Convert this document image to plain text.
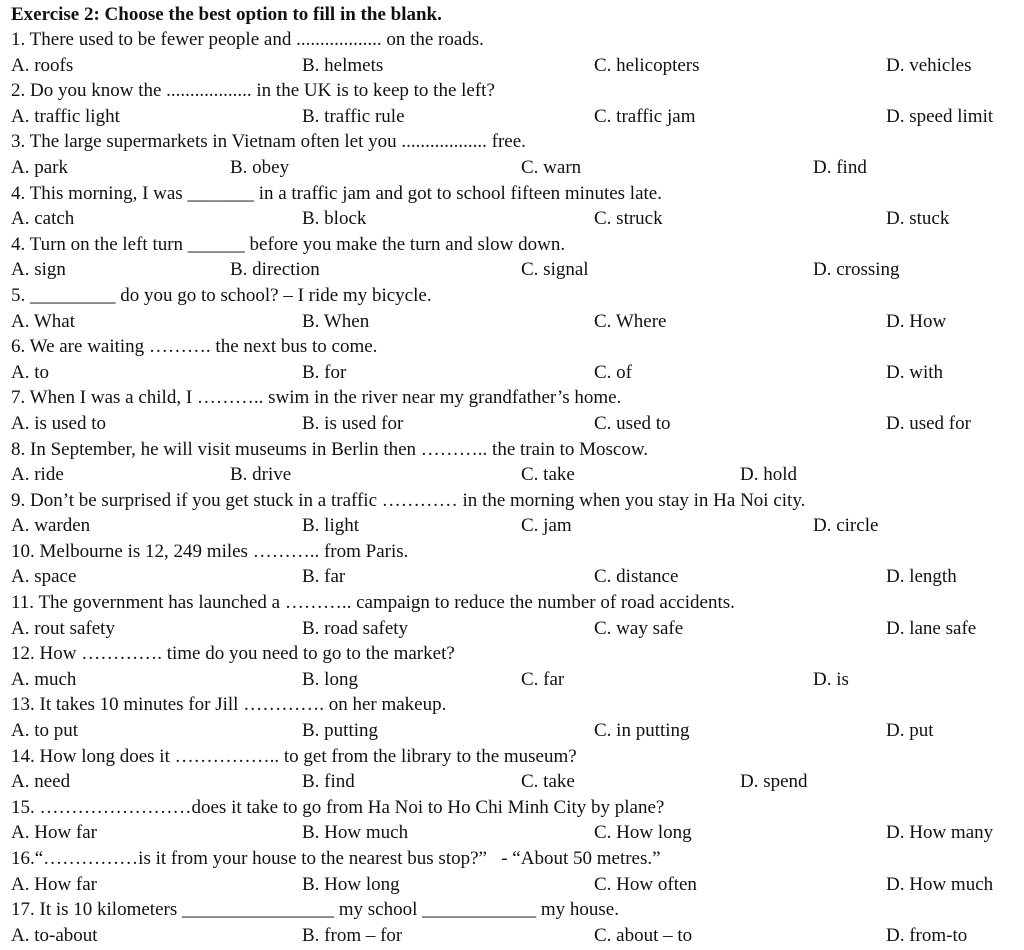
Exercise 2: Choose the best option to fill in the blank.
1. There used to be fewer people and .................. on the roads.
A. roofs	B. helmets	C. helicopters	D. vehicles
2. Do you know the .................. in the UK is to keep to the left?
A. traffic light	B. traffic rule	C. traffic jam	D. speed limit
3. The large supermarkets in Vietnam often let you .................. free.
A. park	B. obey	C. warn	D. find
4. This morning, I was _______ in a traffic jam and got to school fifteen minutes late.
A. catch	B. block	C. struck	D. stuck
4. Turn on the left turn ______ before you make the turn and slow down.
A. sign	B. direction	C. signal	D. crossing
5. _________ do you go to school? – I ride my bicycle.
A. What	B. When	C. Where	D. How
6. We are waiting ………. the next bus to come.
A. to	B. for	C. of	D. with
7. When I was a child, I ……….. swim in the river near my grandfather’s home.
A. is used to	B. is used for	C. used to	D. used for
8. In September, he will visit museums in Berlin then ……….. the train to Moscow.
A. ride	B. drive	C. take	D. hold
9. Don’t be surprised if you get stuck in a traffic ………… in the morning when you stay in Ha Noi city.
A. warden	B. light	C. jam	D. circle
10. Melbourne is 12, 249 miles ……….. from Paris.
A. space	B. far	C. distance	D. length
11. The government has launched a ……….. campaign to reduce the number of road accidents.
A. rout safety	B. road safety	C. way safe	D. lane safe
12. How …………. time do you need to go to the market?
A. much	B. long	C. far	D. is
13. It takes 10 minutes for Jill …………. on her makeup.
A. to put	B. putting	C. in putting	D. put
14. How long does it …………….. to get from the library to the museum?
A. need	B. find	C. take	D. spend
15. ……………………does it take to go from Ha Noi to Ho Chi Minh City by plane?
A. How far	B. How much	C. How long	D. How many
16.“……………is it from your house to the nearest bus stop?”   - “About 50 metres.”
A. How far	B. How long	C. How often	D. How much
17. It is 10 kilometers ________________ my school ____________ my house.
A. to-about	B. from – for	C. about – to	D. from-to
